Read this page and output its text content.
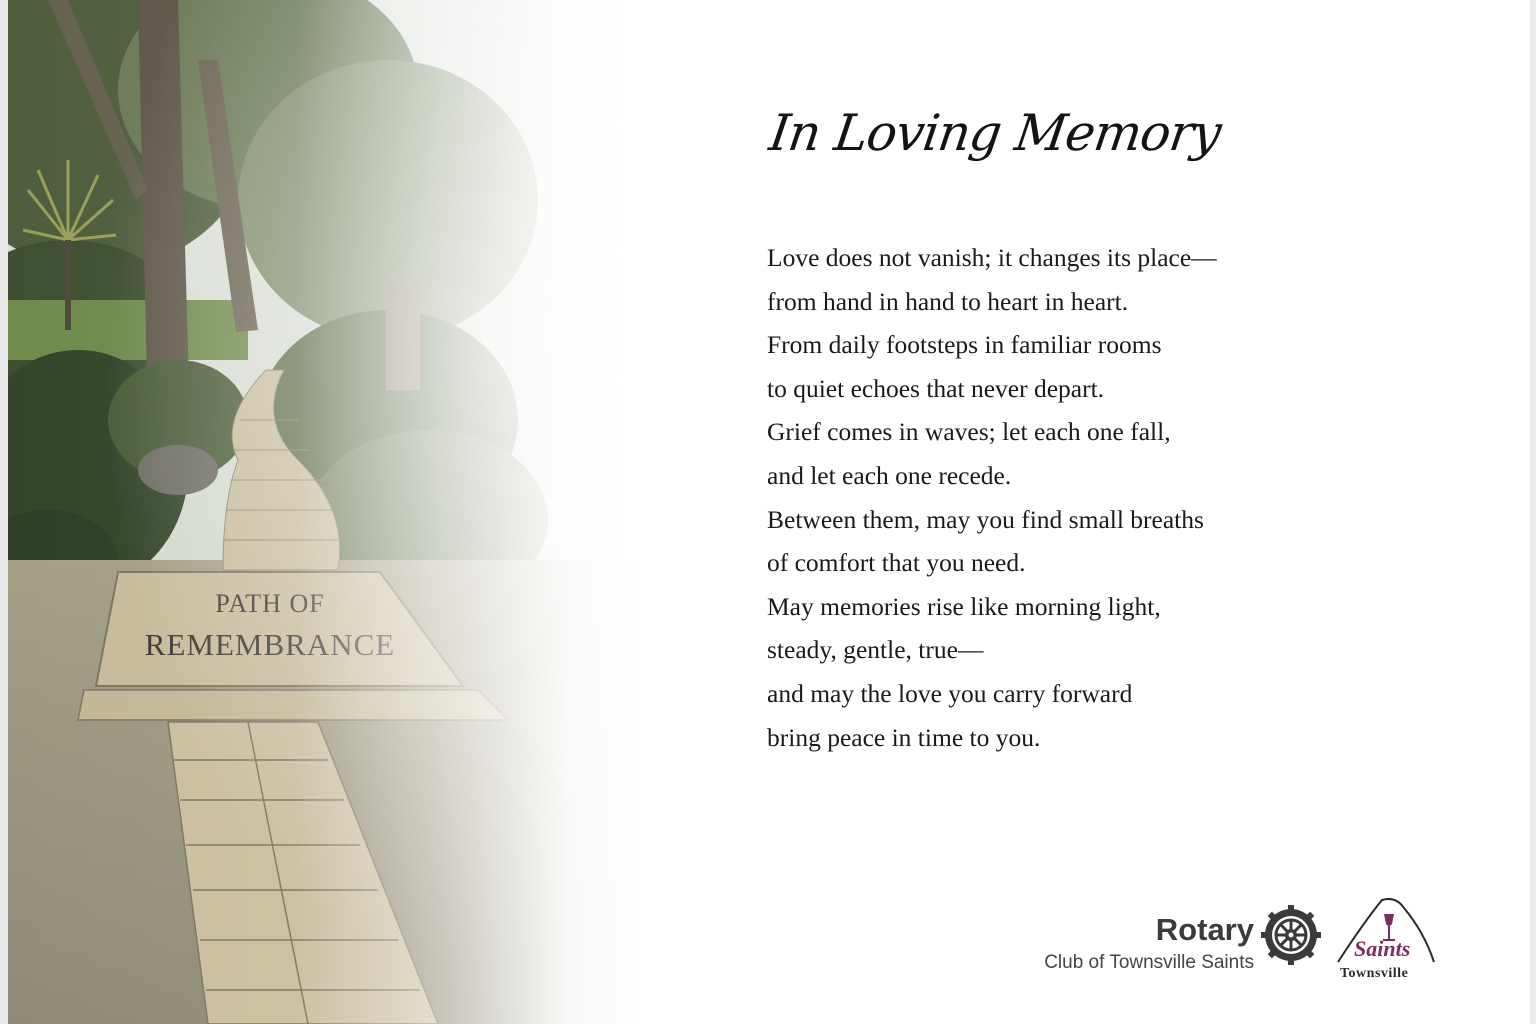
In Loving Memory
Love does not vanish; it changes its place—
from hand in hand to heart in heart.
From daily footsteps in familiar rooms
to quiet echoes that never depart.
Grief comes in waves; let each one fall,
and let each one recede.
Between them, may you find small breaths
of comfort that you need.
May memories rise like morning light,
steady, gentle, true—
and may the love you carry forward
bring peace in time to you.
Rotary
Club of Townsville Saints
Saints
Townsville
